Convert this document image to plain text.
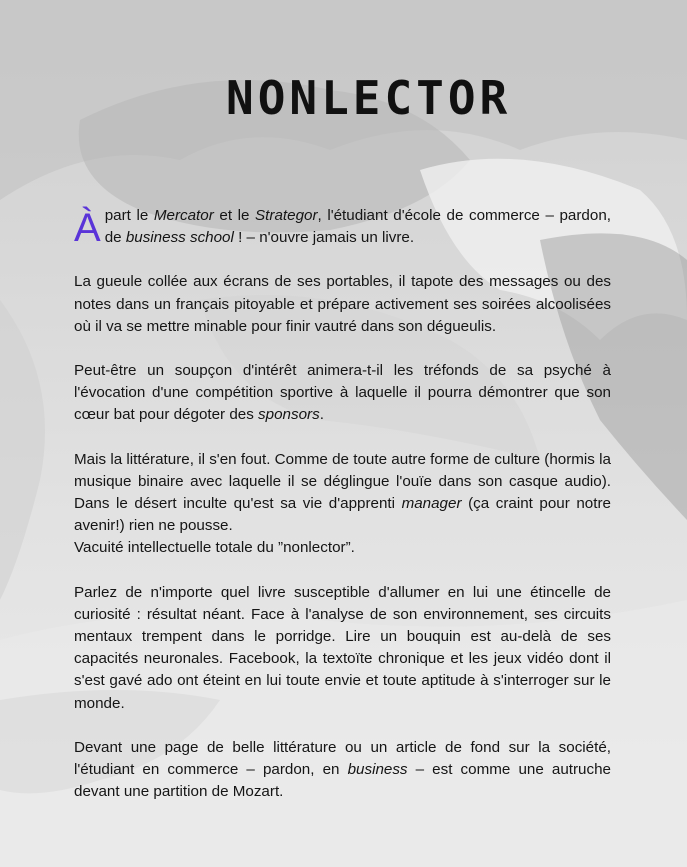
NONLECTOR

Àpart le Mercator et le Strategor, l'étudiant d'école de commerce – pardon, de business school ! – n'ouvre jamais un livre.

La gueule collée aux écrans de ses portables, il tapote des messages ou des notes dans un français pitoyable et prépare activement ses soirées alcoolisées où il va se mettre minable pour finir vautré dans son dégueulis.

Peut-être un soupçon d'intérêt animera-t-il les tréfonds de sa psyché à l'évocation d'une compétition sportive à laquelle il pourra démontrer que son cœur bat pour dégoter des sponsors.

Mais la littérature, il s'en fout. Comme de toute autre forme de culture (hormis la musique binaire avec laquelle il se déglingue l'ouïe dans son casque audio). Dans le désert inculte qu'est sa vie d'apprenti manager (ça craint pour notre avenir!) rien ne pousse.
Vacuité intellectuelle totale du ”nonlector”.

Parlez de n'importe quel livre susceptible d'allumer en lui une étincelle de curiosité : résultat néant. Face à l'analyse de son environnement, ses circuits mentaux trempent dans le porridge. Lire un bouquin est au-delà de ses capacités neuronales. Facebook, la textoïte chronique et les jeux vidéo dont il s'est gavé ado ont éteint en lui toute envie et toute aptitude à s'interroger sur le monde.

Devant une page de belle littérature ou un article de fond sur la société, l'étudiant en commerce – pardon, en business – est comme une autruche devant une partition de Mozart.
